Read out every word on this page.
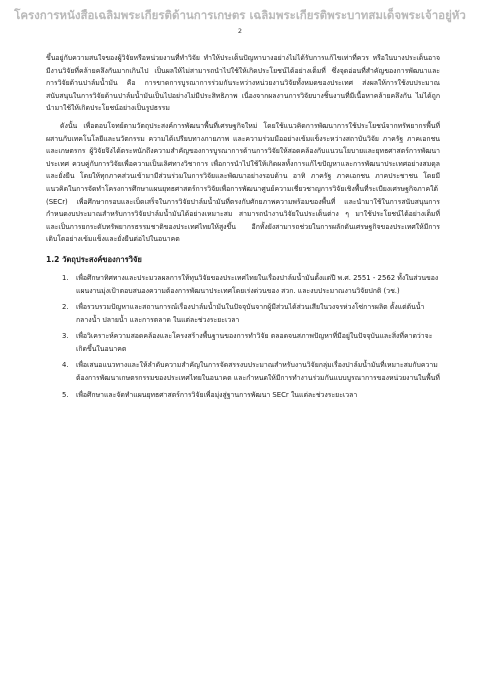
โครงการหนังสือเฉลิมพระเกียรติด้านการเกษตร เฉลิมพระเกียรติพระบาทสมเด็จพระเจ้าอยู่หัว
2

ขึ้นอยู่กับความสนใจของผู้วิจัยหรือหน่วยงานที่ทำวิจัย ทำให้ประเด็นปัญหาบางอย่างไม่ได้รับการแก้ไขเท่าที่ควร หรือในบางประเด็นอาจมีงานวิจัยที่คล้ายคลึงกันมากเกินไป เป็นผลให้ไม่สามารถนำไปใช้ให้เกิดประโยชน์ได้อย่างเต็มที่ ซึ่งจุดอ่อนที่สำคัญของการพัฒนาและการวิจัยด้านปาล์มน้ำมัน คือ การขาดการบูรณาการร่วมกันระหว่างหน่วยงานวิจัยทั้งหมดของประเทศ ส่งผลให้การใช้งบประมาณสนับสนุนในการวิจัยด้านปาล์มน้ำมันเป็นไปอย่างไม่มีประสิทธิภาพ เนื่องจากผลงานการวิจัยบางชิ้นงานที่มีเนื้อหาคล้ายคลึงกัน ไม่ได้ถูกนำมาใช้ให้เกิดประโยชน์อย่างเป็นรูปธรรม

ดังนั้น เพื่อตอบโจทย์ตามวัตถุประสงค์การพัฒนาพื้นที่เศรษฐกิจใหม่ โดยใช้แนวคิดการพัฒนาการใช้ประโยชน์จากทรัพยากรพื้นที่ ผสานกับเทคโนโลยีและนวัตกรรม ความได้เปรียบทางภายภาพ และความร่วมมืออย่างเข้มแข็งระหว่างสถาบันวิจัย ภาครัฐ ภาคเอกชน และเกษตรกร ผู้วิจัยจึงได้ตระหนักถึงความสำคัญของการบูรณาการด้านการวิจัยให้สอดคล้องกับแนวนโยบายและยุทธศาสตร์การพัฒนาประเทศ ควบคู่กับการวิจัยเพื่อความเป็นเลิศทางวิชาการ เพื่อการนำไปใช้ให้เกิดผลทั้งการแก้ไขปัญหาและการพัฒนาประเทศอย่างสมดุลและยั่งยืน โดยให้ทุกภาคส่วนเข้ามามีส่วนร่วมในการวิจัยและพัฒนาอย่างรอบด้าน อาทิ ภาครัฐ ภาคเอกชน ภาคประชาชน โดยมีแนวคิดในการจัดทำโครงการศึกษาแผนยุทธศาสตร์การวิจัยเพื่อการพัฒนาศูนย์ความเชี่ยวชาญการวิจัยเชิงพื้นที่ระเบียงเศรษฐกิจภาคใต้ (SECr) เพื่อศึกษากรอบและเบ็ดเสร็จในการวิจัยปาล์มน้ำมันที่ตรงกับศักยภาพความพร้อมของพื้นที่ และนำมาใช้ในการสนับสนุนการกำหนดงบประมาณสำหรับการวิจัยปาล์มน้ำมันได้อย่างเหมาะสม สามารถนำงานวิจัยในประเด็นต่าง ๆ มาใช้ประโยชน์ได้อย่างเต็มที่ และเป็นการยกระดับทรัพยากรธรรมชาติของประเทศไทยให้สูงขึ้น อีกทั้งยังสามารถช่วยในการผลักดันเศรษฐกิจของประเทศให้มีการเติบโตอย่างเข้มแข็งและยั่งยืนต่อไปในอนาคต

1.2 วัตถุประสงค์ของการวิจัย
1. เพื่อศึกษาทิศทางและประมวลผลการให้ทุนวิจัยของประเทศไทยในเรื่องปาล์มน้ำมันตั้งแต่ปี พ.ศ. 2551 - 2562 ทั้งในส่วนของแผนงานมุ่งเป้าตอบสนองความต้องการพัฒนาประเทศโดยเร่งด่วนของ สวก. และงบประมาณงานวิจัยปกติ (วช.)
2. เพื่อรวบรวมปัญหาและสถานการณ์เรื่องปาล์มน้ำมันในปัจจุบันจากผู้มีส่วนได้ส่วนเสียในวงจรห่วงโซ่การผลิต ตั้งแต่ต้นน้ำ กลางน้ำ ปลายน้ำ และการตลาด ในแต่ละช่วงระยะเวลา
3. เพื่อวิเคราะห์ความสอดคล้องและโครงสร้างพื้นฐานของการทำวิจัย ตลอดจนสภาพปัญหาที่มีอยู่ในปัจจุบันและสิ่งที่คาดว่าจะเกิดขึ้นในอนาคต
4. เพื่อเสนอแนวทางและให้ลำดับความสำคัญในการจัดสรรงบประมาณสำหรับงานวิจัยกลุ่มเรื่องปาล์มน้ำมันที่เหมาะสมกับความต้องการพัฒนาเกษตรกรรมของประเทศไทยในอนาคต และกำหนดให้มีการทำงานร่วมกันแบบบูรณาการของหน่วยงานในพื้นที่
5. เพื่อศึกษาและจัดทำแผนยุทธศาสตร์การวิจัยเพื่อมุ่งสู่ฐานการพัฒนา SECr ในแต่ละช่วงระยะเวลา
